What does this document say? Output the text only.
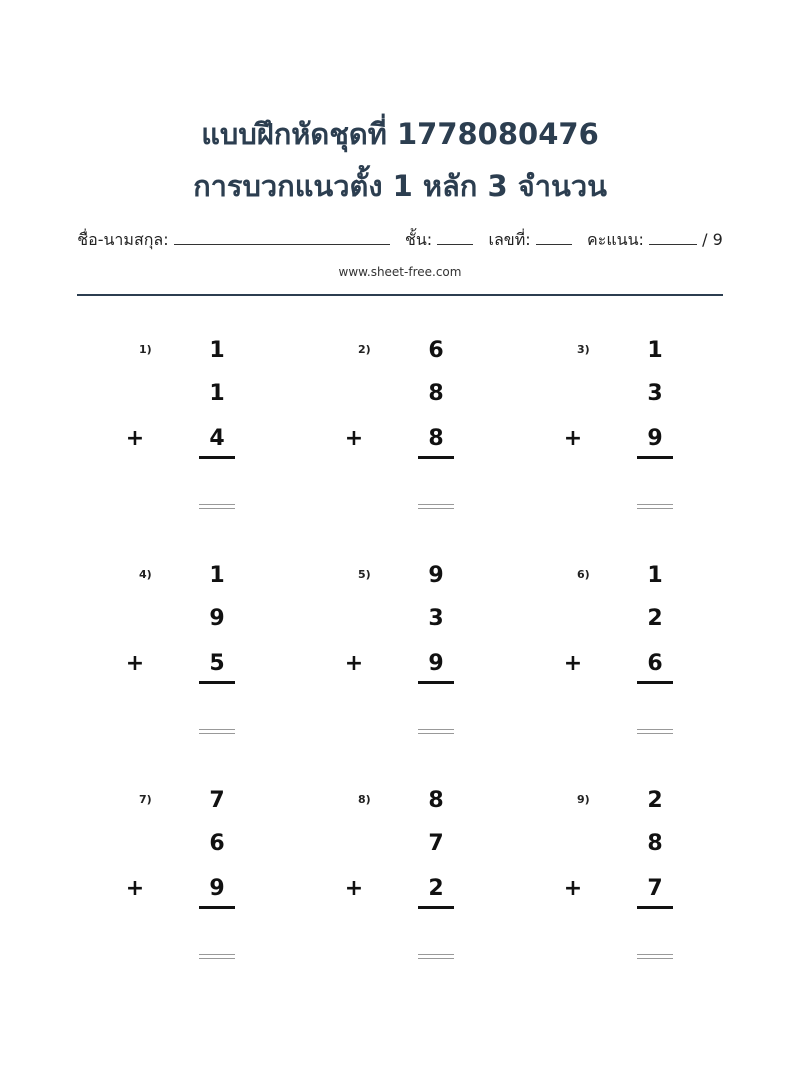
แบบฝึกหัดชุดที่ 1778080476
การบวกแนวตั้ง 1 หลัก 3 จำนวน
ชื่อ-นามสกุล:	ชั้น:	เลขที่:	คะแนน:	/ 9
www.sheet-free.com
1)	1
1
+	4
2)	6
8
+	8
3)	1
3
+	9
4)	1
9
+	5
5)	9
3
+	9
6)	1
2
+	6
7)	7
6
+	9
8)	8
7
+	2
9)	2
8
+	7
